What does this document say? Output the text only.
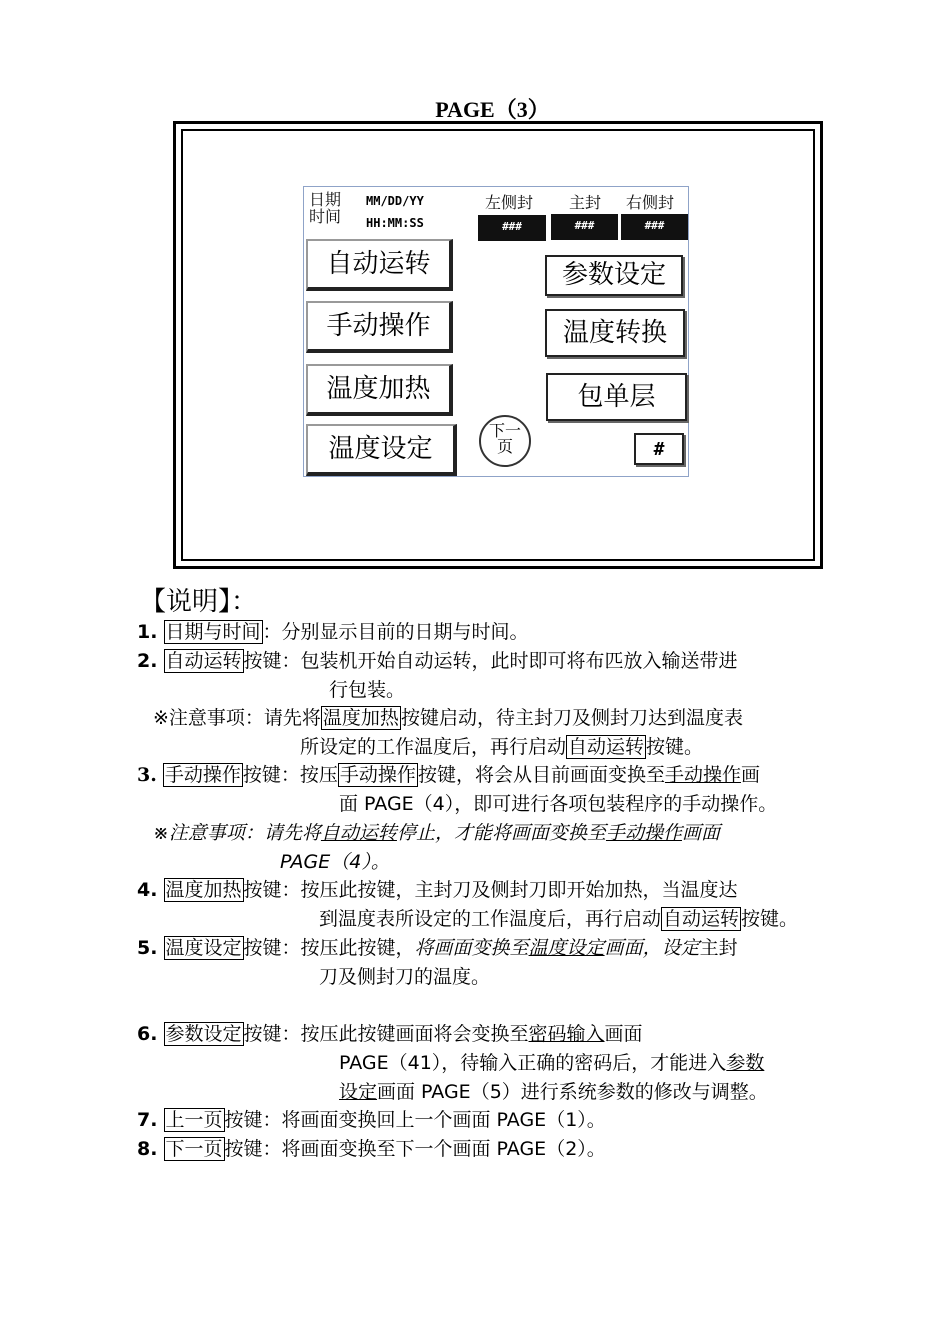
PAGE（3）
日期
时间
MM/DD/YY
HH:MM:SS
左侧封 主封 右侧封
###	###	###
自动运转
手动操作
温度加热
温度设定
参数设定
温度转换
包单层
下一
页	#
【说明】：
1. 日期与时间 ：分别显示目前的日期与时间。
2. 自动运转 按键：包装机开始自动运转，此时即可将布匹放入输送带进
行包装。
※注意事项：请先将 温度加热 按键启动，待主封刀及侧封刀达到温度表
所设定的工作温度后，再行启动 自动运转 按键。
3. 手动操作 按键：按压 手动操作 按键，将会从目前画面变换至手动操作画
面 PAGE（4），即可进行各项包装程序的手动操作。
※注意事项：请先将自动运转停止，才能将画面变换至手动操作画面
PAGE（4）。
4. 温度加热 按键：按压此按键，主封刀及侧封刀即开始加热，当温度达
到温度表所设定的工作温度后，再行启动 自动运转 按键。
5. 温度设定 按键：按压此按键，将画面变换至温度设定画面，设定主封
刀及侧封刀的温度。
6. 参数设定 按键：按压此按键画面将会变换至密码输入画面
PAGE（41），待输入正确的密码后，才能进入参数
设定画面 PAGE（5）进行系统参数的修改与调整。
7. 上一页 按键：将画面变换回上一个画面 PAGE（1）。
8. 下一页 按键：将画面变换至下一个画面 PAGE（2）。
